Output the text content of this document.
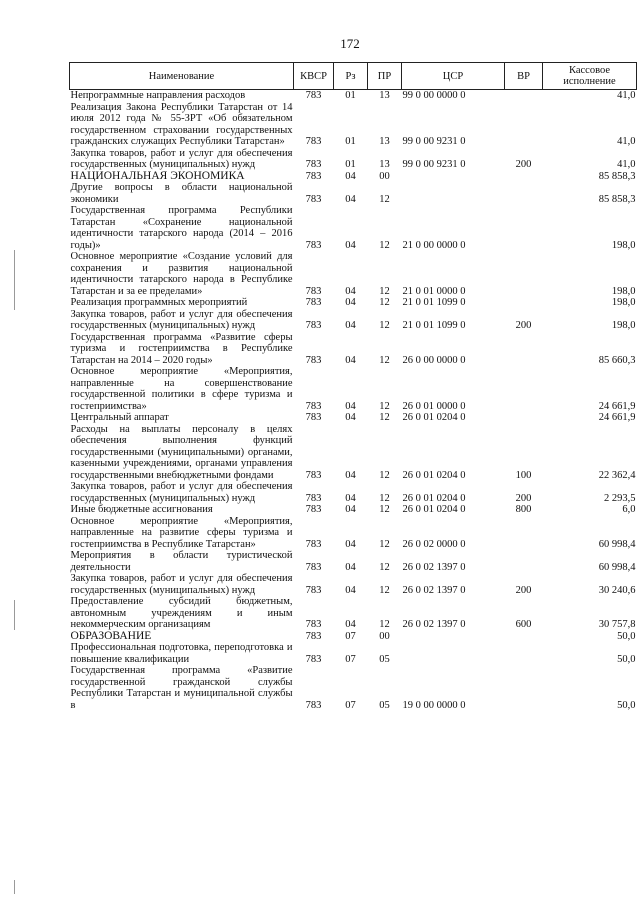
172
Наименование	КВСР	Рз	ПР	ЦСР	ВР	Кассовое исполнение
Непрограммные направления расходов	783	01	13	99 0 00 0000 0		41,0
Реализация Закона Республики Татарстан от 14 июля 2012 года № 55-ЗРТ «Об обязательном государственном страховании государственных гражданских служащих Республики Татарстан»	783	01	13	99 0 00 9231 0		41,0
Закупка товаров, работ и услуг для обеспечения государственных (муниципальных) нужд	783	01	13	99 0 00 9231 0	200	41,0
НАЦИОНАЛЬНАЯ ЭКОНОМИКА	783	04	00			85 858,3
Другие вопросы в области национальной экономики	783	04	12			85 858,3
Государственная программа Республики Татарстан «Сохранение национальной идентичности татарского народа (2014 – 2016 годы)»	783	04	12	21 0 00 0000 0		198,0
Основное мероприятие «Создание условий для сохранения и развития национальной идентичности татарского народа в Республике Татарстан и за ее пределами»	783	04	12	21 0 01 0000 0		198,0
Реализация программных мероприятий	783	04	12	21 0 01 1099 0		198,0
Закупка товаров, работ и услуг для обеспечения государственных (муниципальных) нужд	783	04	12	21 0 01 1099 0	200	198,0
Государственная программа «Развитие сферы туризма и гостеприимства в Республике Татарстан на 2014 – 2020 годы»	783	04	12	26 0 00 0000 0		85 660,3
Основное мероприятие «Мероприятия, направленные на совершенствование государственной политики в сфере туризма и гостеприимства»	783	04	12	26 0 01 0000 0		24 661,9
Центральный аппарат	783	04	12	26 0 01 0204 0		24 661,9
Расходы на выплаты персоналу в целях обеспечения выполнения функций государственными (муниципальными) органами, казенными учреждениями, органами управления государственными внебюджетными фондами	783	04	12	26 0 01 0204 0	100	22 362,4
Закупка товаров, работ и услуг для обеспечения государственных (муниципальных) нужд	783	04	12	26 0 01 0204 0	200	2 293,5
Иные бюджетные ассигнования	783	04	12	26 0 01 0204 0	800	6,0
Основное мероприятие «Мероприятия, направленные на развитие сферы туризма и гостеприимства в Республике Татарстан»	783	04	12	26 0 02 0000 0		60 998,4
Мероприятия в области туристической деятельности	783	04	12	26 0 02 1397 0		60 998,4
Закупка товаров, работ и услуг для обеспечения государственных (муниципальных) нужд	783	04	12	26 0 02 1397 0	200	30 240,6
Предоставление субсидий бюджетным, автономным учреждениям и иным некоммерческим организациям	783	04	12	26 0 02 1397 0	600	30 757,8
ОБРАЗОВАНИЕ	783	07	00			50,0
Профессиональная подготовка, переподготовка и повышение квалификации	783	07	05			50,0
Государственная программа «Развитие государственной гражданской службы Республики Татарстан и муниципальной службы в	783	07	05	19 0 00 0000 0		50,0
